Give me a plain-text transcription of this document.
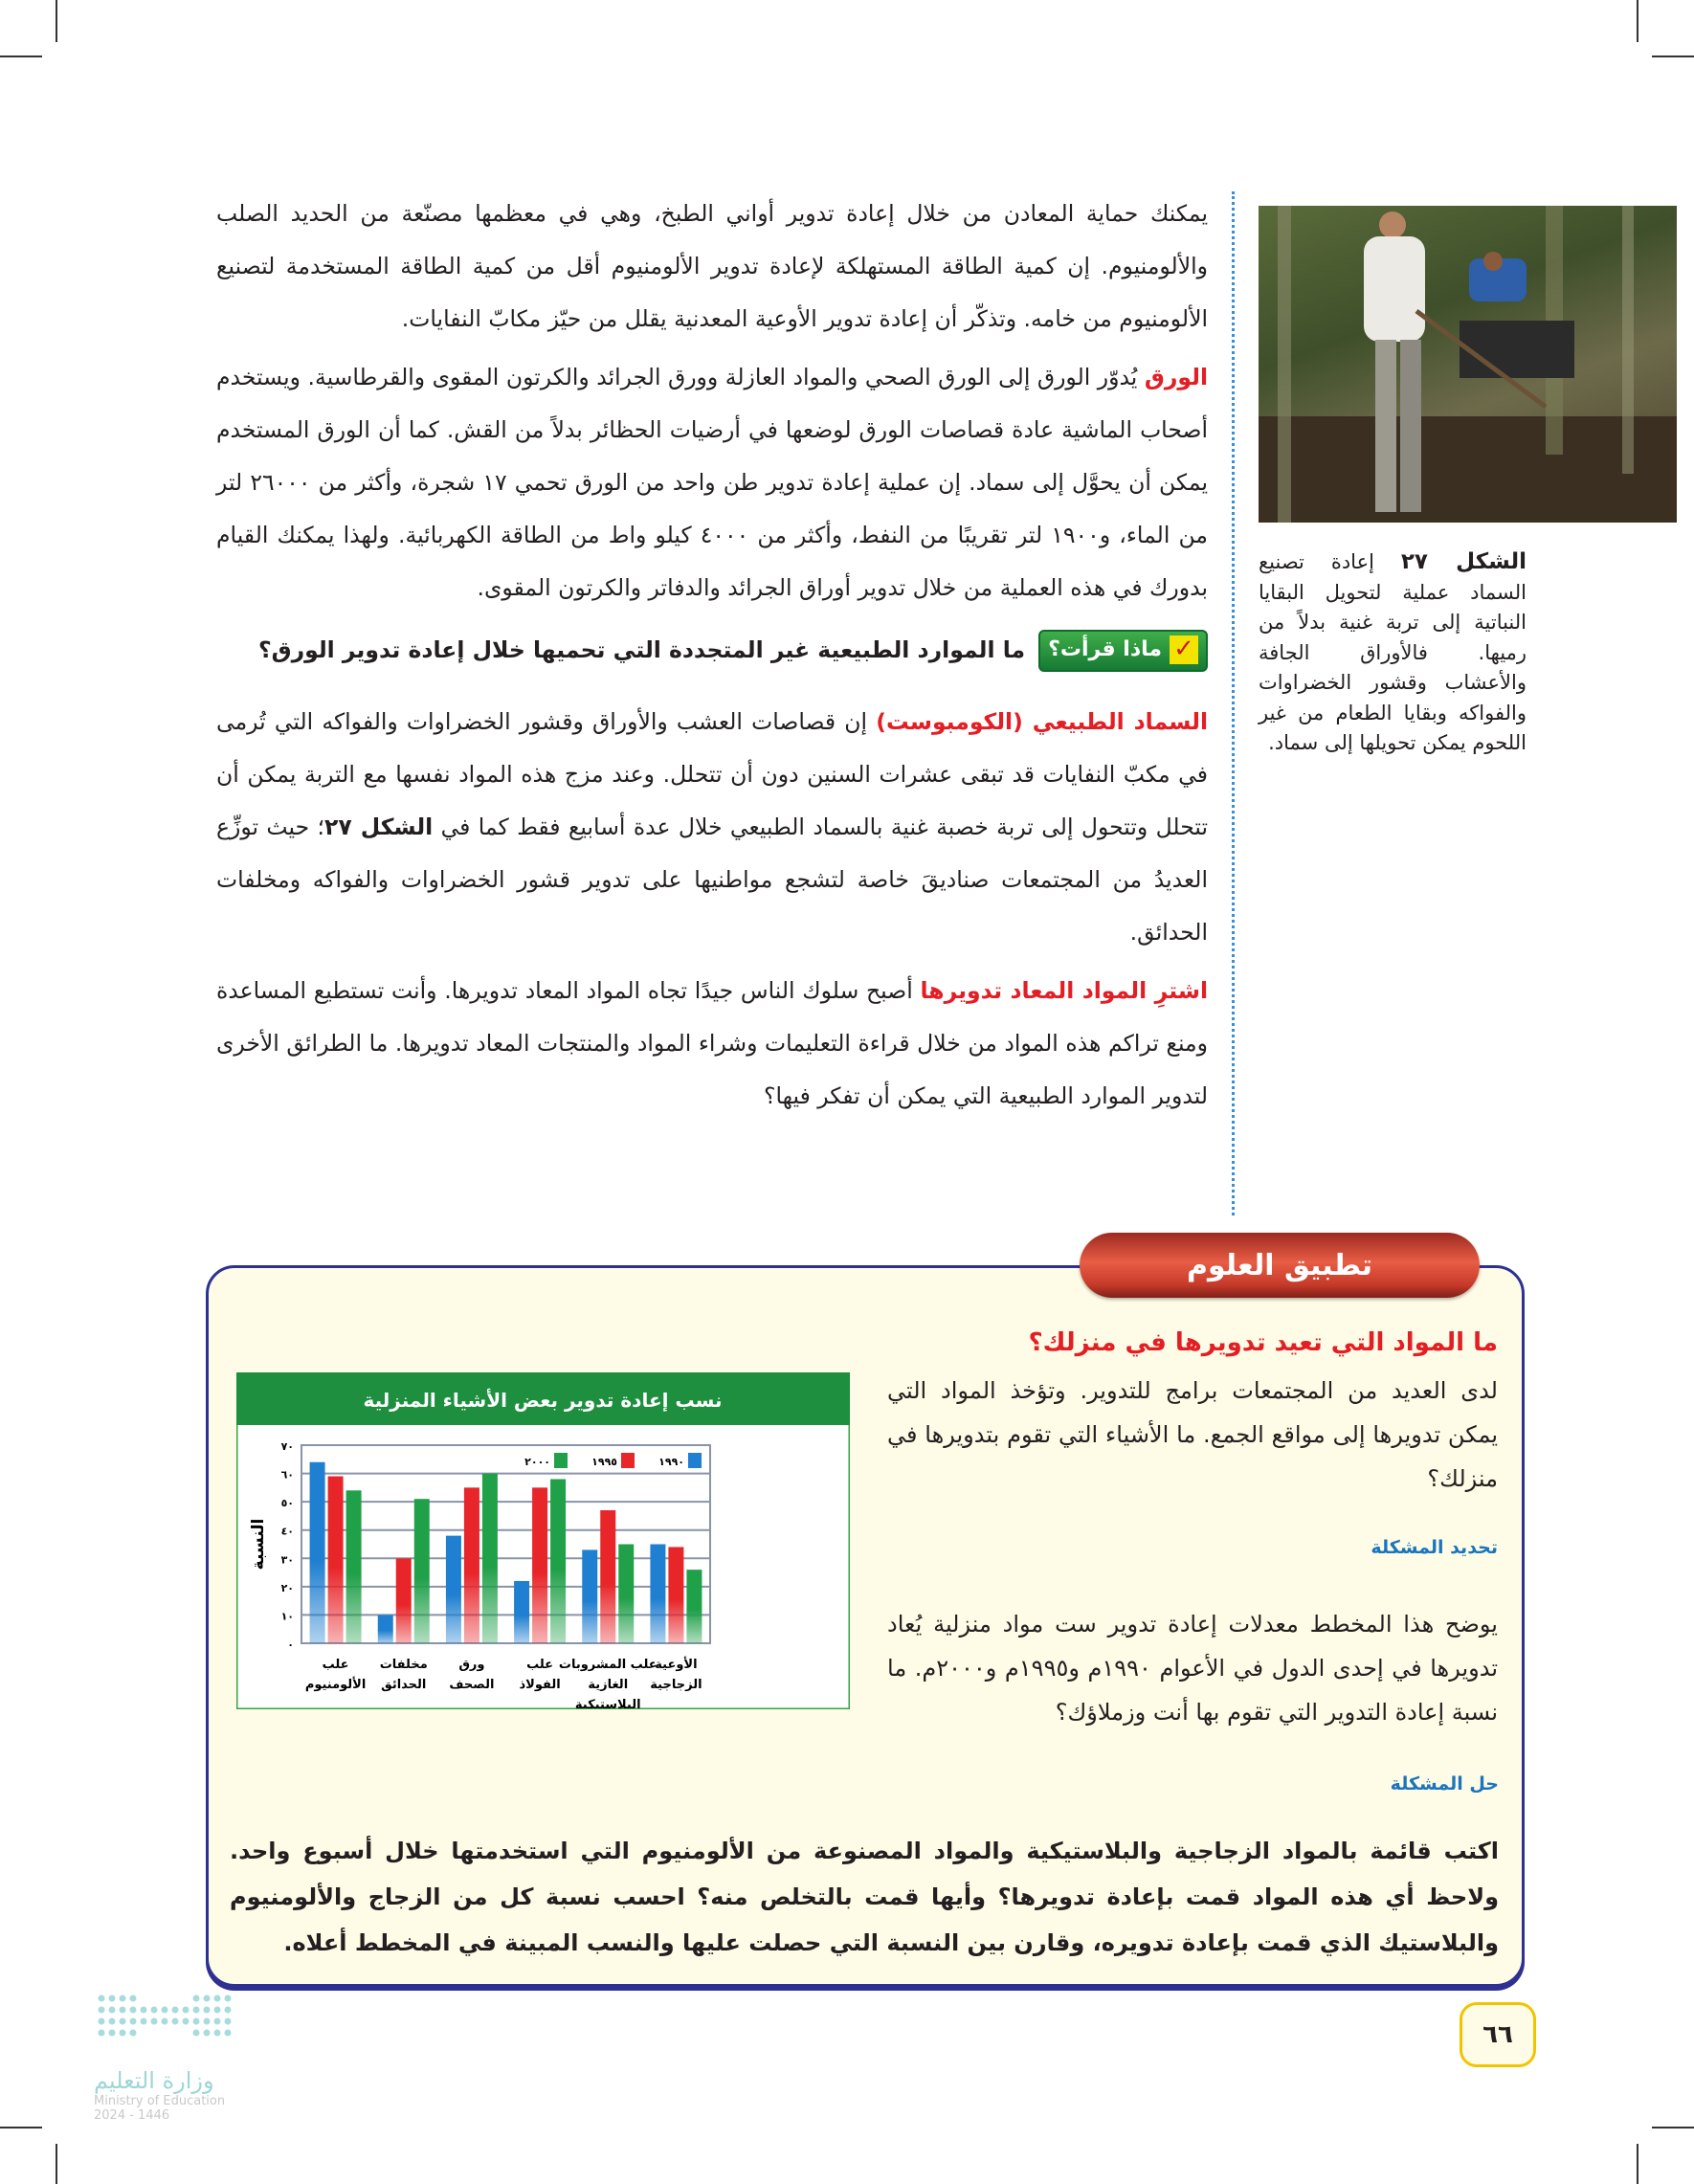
الشكل ٢٧ إعادة تصنيع السماد عملية لتحويل البقايا النباتية إلى تربة غنية بدلاً من رميها. فالأوراق الجافة والأعشاب وقشور الخضراوات والفواكه وبقايا الطعام من غير اللحوم يمكن تحويلها إلى سماد.

يمكنك حماية المعادن من خلال إعادة تدوير أواني الطبخ، وهي في معظمها مصنّعة من الحديد الصلب والألومنيوم. إن كمية الطاقة المستهلكة لإعادة تدوير الألومنيوم أقل من كمية الطاقة المستخدمة لتصنيع الألومنيوم من خامه. وتذكّر أن إعادة تدوير الأوعية المعدنية يقلل من حيّز مكابّ النفايات.

الورق يُدوّر الورق إلى الورق الصحي والمواد العازلة وورق الجرائد والكرتون المقوى والقرطاسية. ويستخدم أصحاب الماشية عادة قصاصات الورق لوضعها في أرضيات الحظائر بدلاً من القش. كما أن الورق المستخدم يمكن أن يحوَّل إلى سماد. إن عملية إعادة تدوير طن واحد من الورق تحمي ١٧ شجرة، وأكثر من ٢٦٠٠٠ لتر من الماء، و١٩٠٠ لتر تقريبًا من النفط، وأكثر من ٤٠٠٠ كيلو واط من الطاقة الكهربائية. ولهذا يمكنك القيام بدورك في هذه العملية من خلال تدوير أوراق الجرائد والدفاتر والكرتون المقوى.

✓
ماذا قرأت؟
ما الموارد الطبيعية غير المتجددة التي تحميها خلال إعادة تدوير الورق؟

السماد الطبيعي (الكومبوست) إن قصاصات العشب والأوراق وقشور الخضراوات والفواكه التي تُرمى في مكبّ النفايات قد تبقى عشرات السنين دون أن تتحلل. وعند مزج هذه المواد نفسها مع التربة يمكن أن تتحلل وتتحول إلى تربة خصبة غنية بالسماد الطبيعي خلال عدة أسابيع فقط كما في الشكل ٢٧؛ حيث توزِّع العديدُ من المجتمعات صناديقَ خاصة لتشجع مواطنيها على تدوير قشور الخضراوات والفواكه ومخلفات الحدائق.

اشترِ المواد المعاد تدويرها أصبح سلوك الناس جيدًا تجاه المواد المعاد تدويرها. وأنت تستطيع المساعدة ومنع تراكم هذه المواد من خلال قراءة التعليمات وشراء المواد والمنتجات المعاد تدويرها. ما الطرائق الأخرى لتدوير الموارد الطبيعية التي يمكن أن تفكر فيها؟

تطبيق العلوم
ما المواد التي تعيد تدويرها في منزلك؟
لدى العديد من المجتمعات برامج للتدوير. وتؤخذ المواد التي يمكن تدويرها إلى مواقع الجمع. ما الأشياء التي تقوم بتدويرها في منزلك؟
تحديد المشكلة
يوضح هذا المخطط معدلات إعادة تدوير ست مواد منزلية يُعاد تدويرها في إحدى الدول في الأعوام ١٩٩٠م و١٩٩٥م و٢٠٠٠م. ما نسبة إعادة التدوير التي تقوم بها أنت وزملاؤك؟
حل المشكلة
اكتب قائمة بالمواد الزجاجية والبلاستيكية والمواد المصنوعة من الألومنيوم التي استخدمتها خلال أسبوع واحد. ولاحظ أي هذه المواد قمت بإعادة تدويرها؟ وأيها قمت بالتخلص منه؟ احسب نسبة كل من الزجاج والألومنيوم والبلاستيك الذي قمت بإعادة تدويره، وقارن بين النسبة التي حصلت عليها والنسب المبينة في المخطط أعلاه.
نسب إعادة تدوير بعض الأشياء المنزلية
٠
١٠
٢٠
٣٠
٤٠
٥٠
٦٠
٧٠
النسبة
علب
الألومنيوم
مخلفات
الحدائق
ورق
الصحف
علب
الفولاذ
علب المشروبات
الغازية
البلاستيكية
الأوعية
الزجاجية
١٩٩٠
١٩٩٥
٢٠٠٠
٦٦
وزارة التعليم
Ministry of Education
2024 - 1446
